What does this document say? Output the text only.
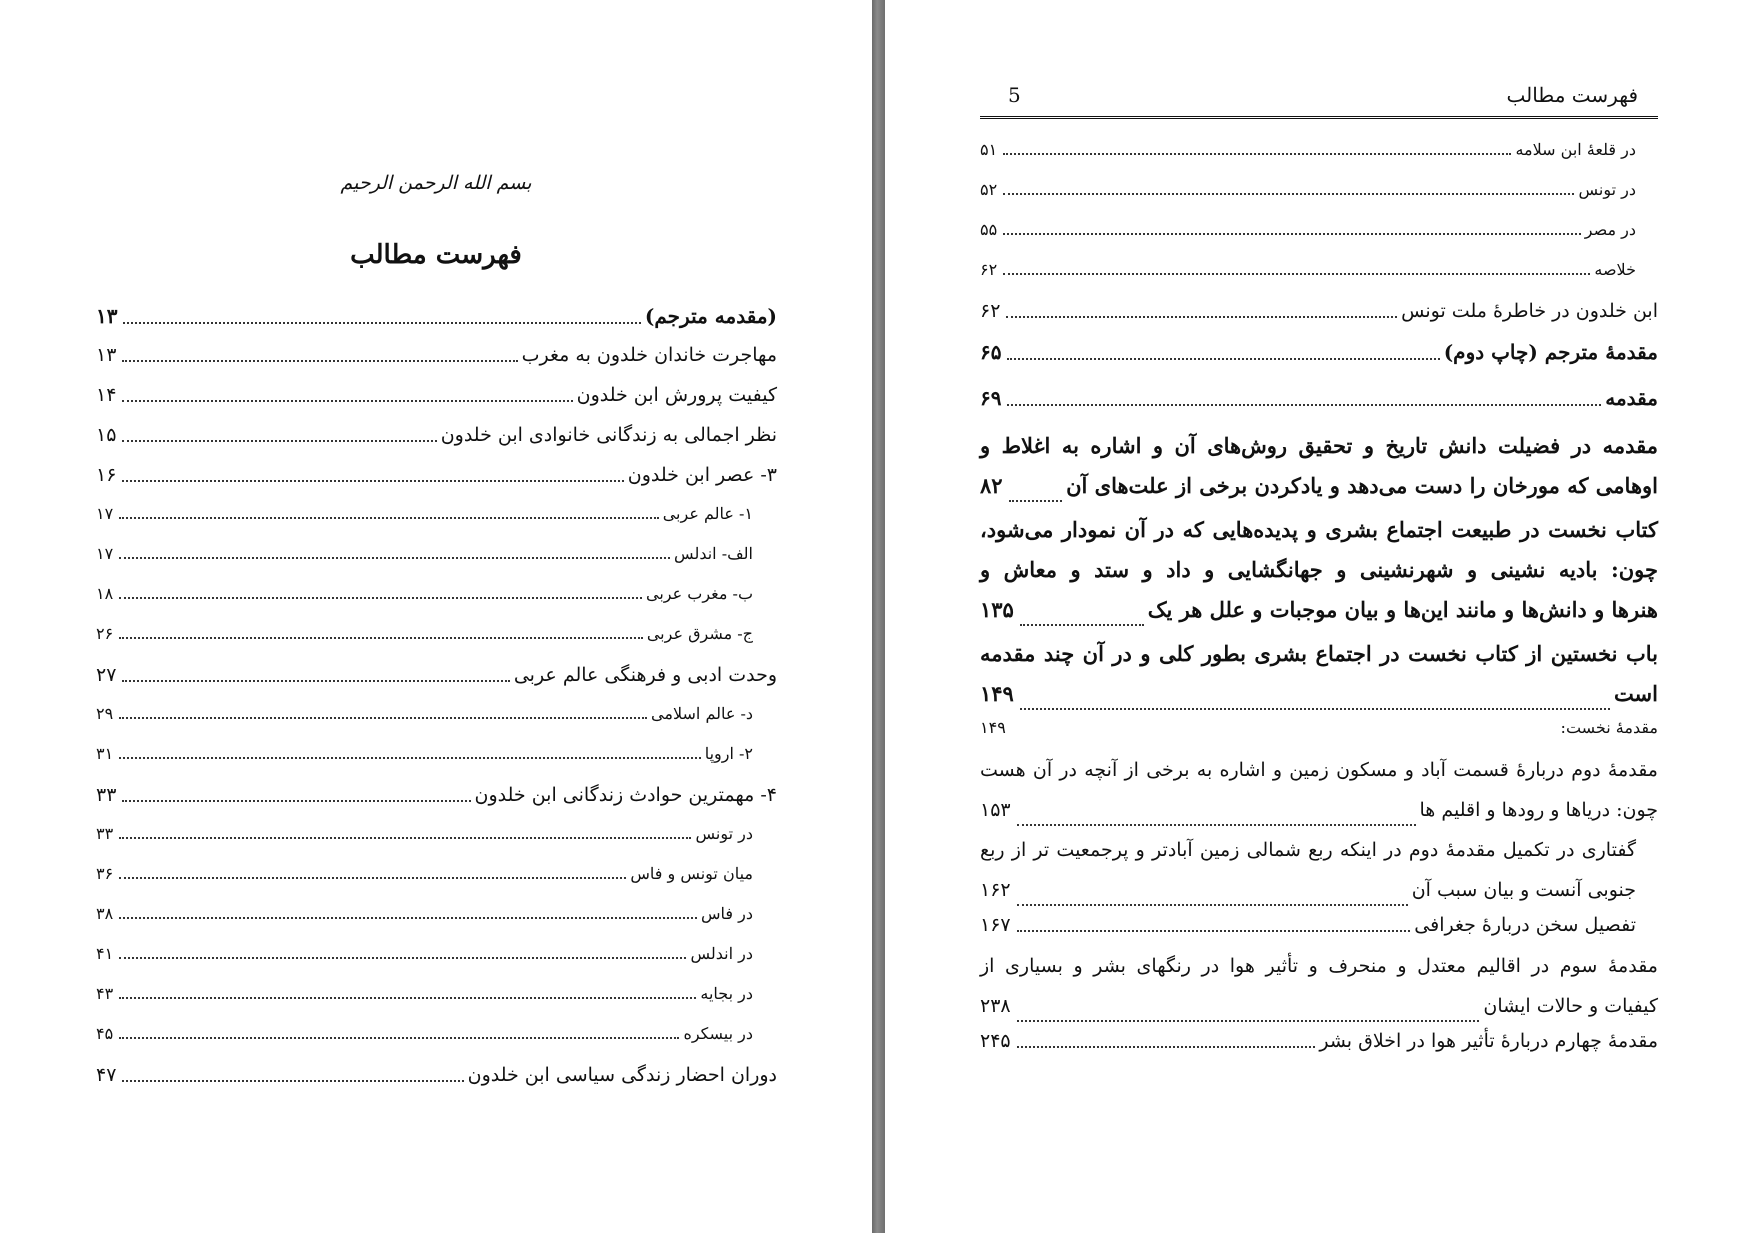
بسم الله الرحمن الرحيم
فهرست مطالب
فهرست مطالب
5
(مقدمه مترجم)
۱۳
مهاجرت خاندان خلدون به مغرب
۱۳
کیفیت پرورش ابن خلدون
۱۴
نظر اجمالی به زندگانی خانوادی ابن خلدون
۱۵
۳- عصر ابن خلدون
۱۶
۱- عالم عربی
۱۷
الف- اندلس
۱۷
ب- مغرب عربی
۱۸
ج- مشرق عربی
۲۶
وحدت ادبی و فرهنگی عالم عربی
۲۷
د- عالم اسلامی
۲۹
۲- اروپا
۳۱
۴- مهمترین حوادث زندگانی ابن خلدون
۳۳
در تونس
۳۳
میان تونس و فاس
۳۶
در فاس
۳۸
در اندلس
۴۱
در بجایه
۴۳
در بیسکره
۴۵
دوران احضار زندگی سیاسی ابن خلدون
۴۷
در قلعهٔ ابن سلامه
۵۱
در تونس
۵۲
در مصر
۵۵
خلاصه
۶۲
ابن خلدون در خاطرهٔ ملت تونس
۶۲
مقدمهٔ مترجم (چاپ دوم)
۶۵
مقدمه
۶۹
مقدمه در فضیلت دانش تاریخ و تحقیق روش‌های آن و اشاره به اغلاط و
اوهامی که مورخان را دست می‌دهد و یادکردن برخی از علت‌های آن
۸۲
کتاب نخست در طبیعت اجتماع بشری و پدیده‌هایی که در آن نمودار می‌شود،
چون: بادیه نشینی و شهرنشینی و جهانگشایی و داد و ستد و معاش و
هنرها و دانش‌ها و مانند این‌ها و بیان موجبات و علل هر یک
۱۳۵
باب نخستین از کتاب نخست در اجتماع بشری بطور کلی و در آن چند مقدمه
است
۱۴۹
مقدمهٔ نخست:
۱۴۹
مقدمهٔ دوم دربارهٔ قسمت آباد و مسکون زمین و اشاره به برخی از آنچه در آن هست
چون: دریاها و رودها و اقلیم ها
۱۵۳
گفتاری در تکمیل مقدمهٔ دوم در اینکه ربع شمالی زمین آبادتر و پرجمعیت تر از ربع
جنوبی آنست و بیان سبب آن
۱۶۲
تفصیل سخن دربارهٔ جغرافی
۱۶۷
مقدمهٔ سوم در اقالیم معتدل و منحرف و تأثیر هوا در رنگهای بشر و بسیاری از
کیفیات و حالات ایشان
۲۳۸
مقدمهٔ چهارم دربارهٔ تأثیر هوا در اخلاق بشر
۲۴۵
